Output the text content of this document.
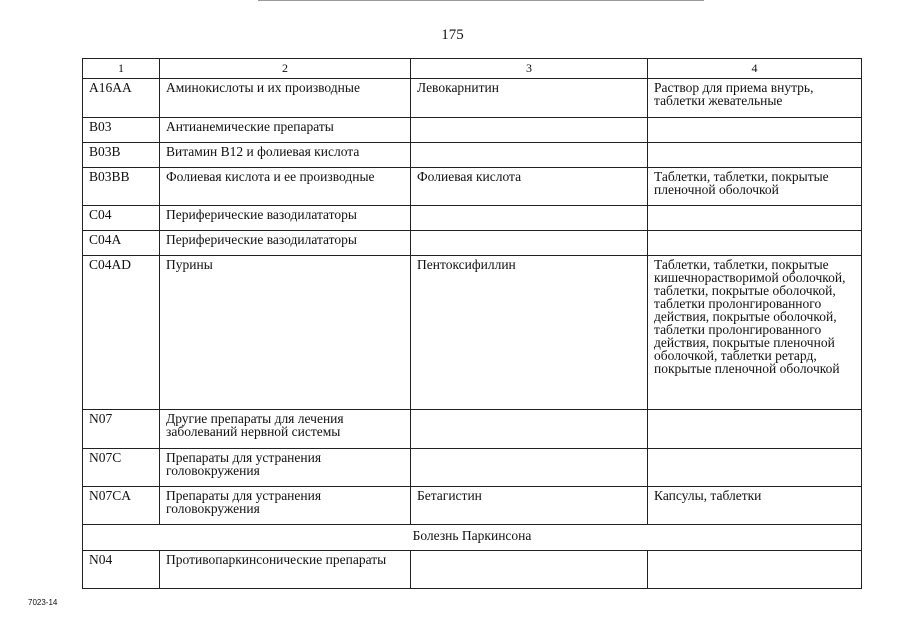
175
1	2	3	4
A16AA	Аминокислоты и их производные	Левокарнитин	Раствор для приема внутрь, таблетки жевательные
B03	Антианемические препараты		
B03B	Витамин B12 и фолиевая кислота		
B03BB	Фолиевая кислота и ее производные	Фолиевая кислота	Таблетки, таблетки, покрытые пленочной оболочкой
C04	Периферические вазодилататоры		
C04A	Периферические вазодилататоры		
C04AD	Пурины	Пентоксифиллин	Таблетки, таблетки, покрытые кишечнорастворимой оболочкой, таблетки, покрытые оболочкой, таблетки пролонгированного действия, покрытые оболочкой, таблетки пролонгированного действия, покрытые пленочной оболочкой, таблетки ретард, покрытые пленочной оболочкой
N07	Другие препараты для лечения заболеваний нервной системы		
N07C	Препараты для устранения головокружения		
N07CA	Препараты для устранения головокружения	Бетагистин	Капсулы, таблетки
Болезнь Паркинсона			
N04	Противопаркинсонические препараты		
7023-14
